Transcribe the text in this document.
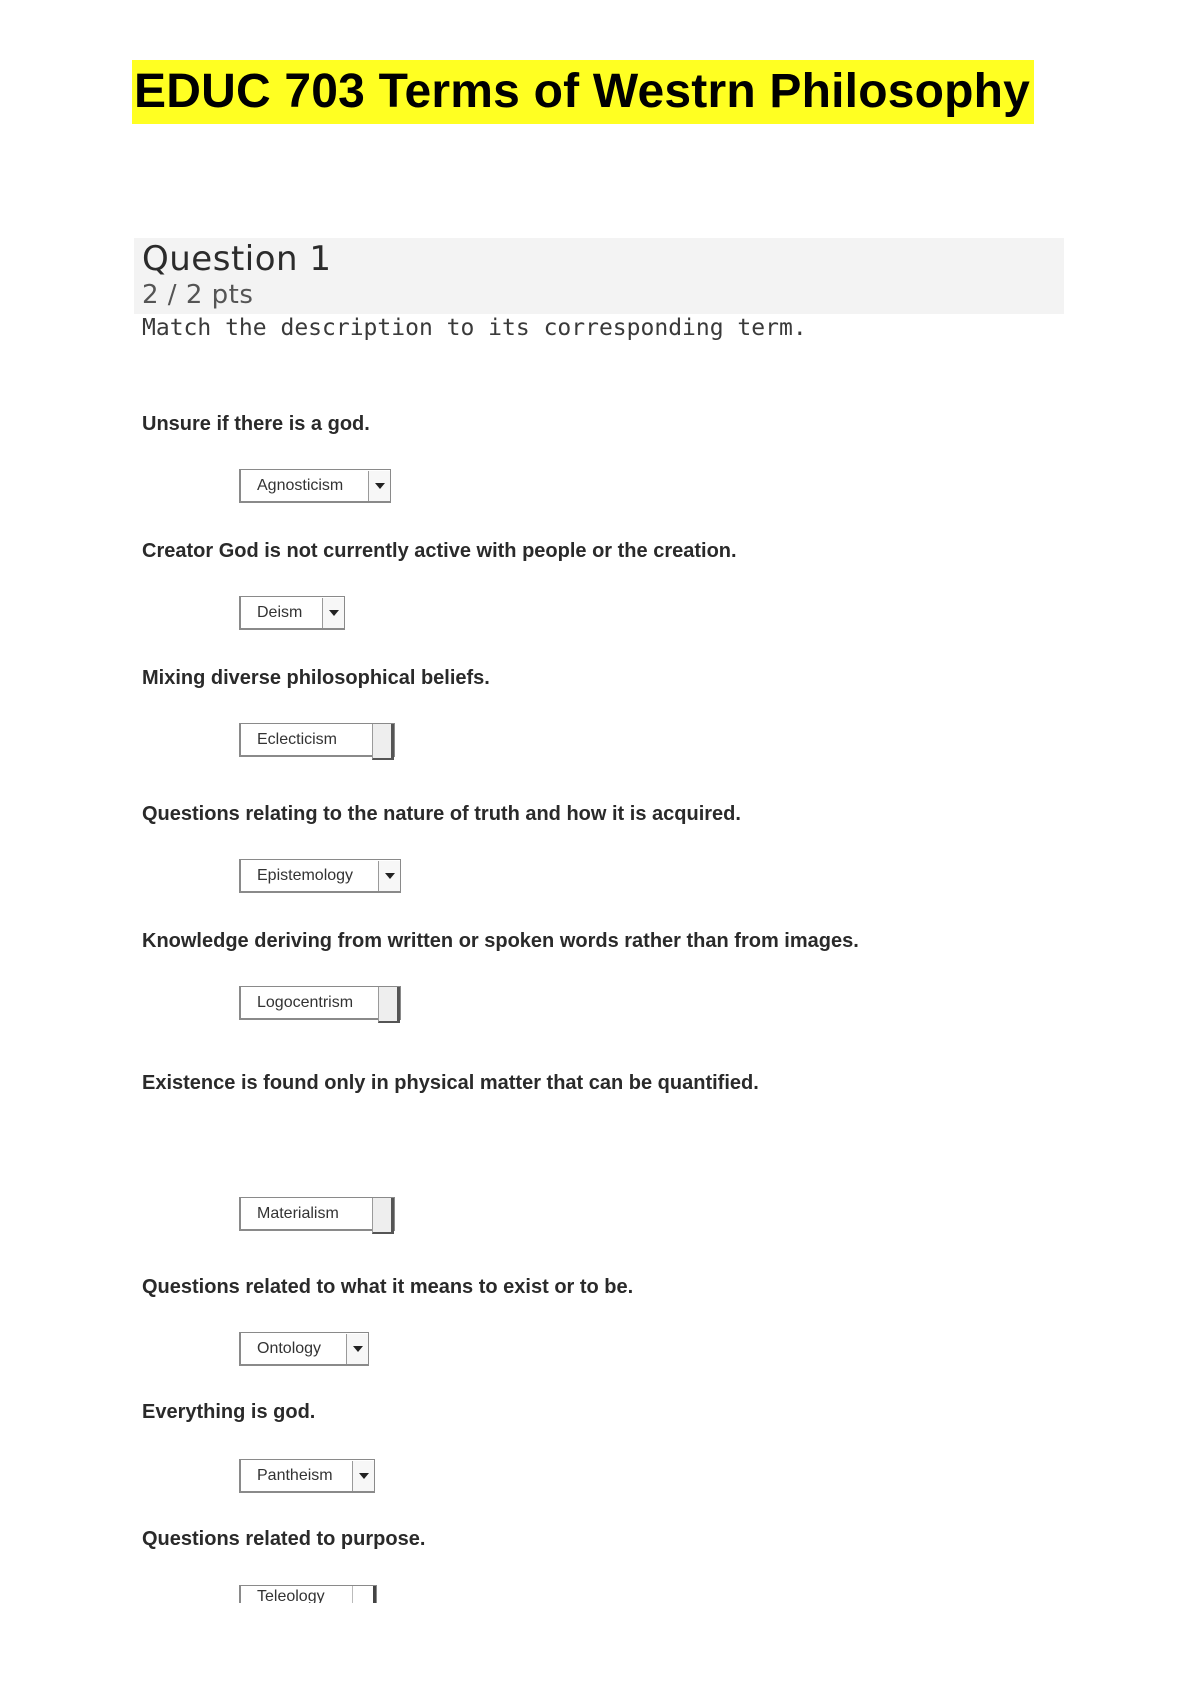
EDUC 703 Terms of Westrn Philosophy
Question 1
2 / 2 pts
Match the description to its corresponding term.
Unsure if there is a god.
Agnosticism
Creator God is not currently active with people or the creation.
Deism
Mixing diverse philosophical beliefs.
Eclecticism
Questions relating to the nature of truth and how it is acquired.
Epistemology
Knowledge deriving from written or spoken words rather than from images.
Logocentrism
Existence is found only in physical matter that can be quantified.
Materialism
Questions related to what it means to exist or to be.
Ontology
Everything is god.
Pantheism
Questions related to purpose.
Teleology
